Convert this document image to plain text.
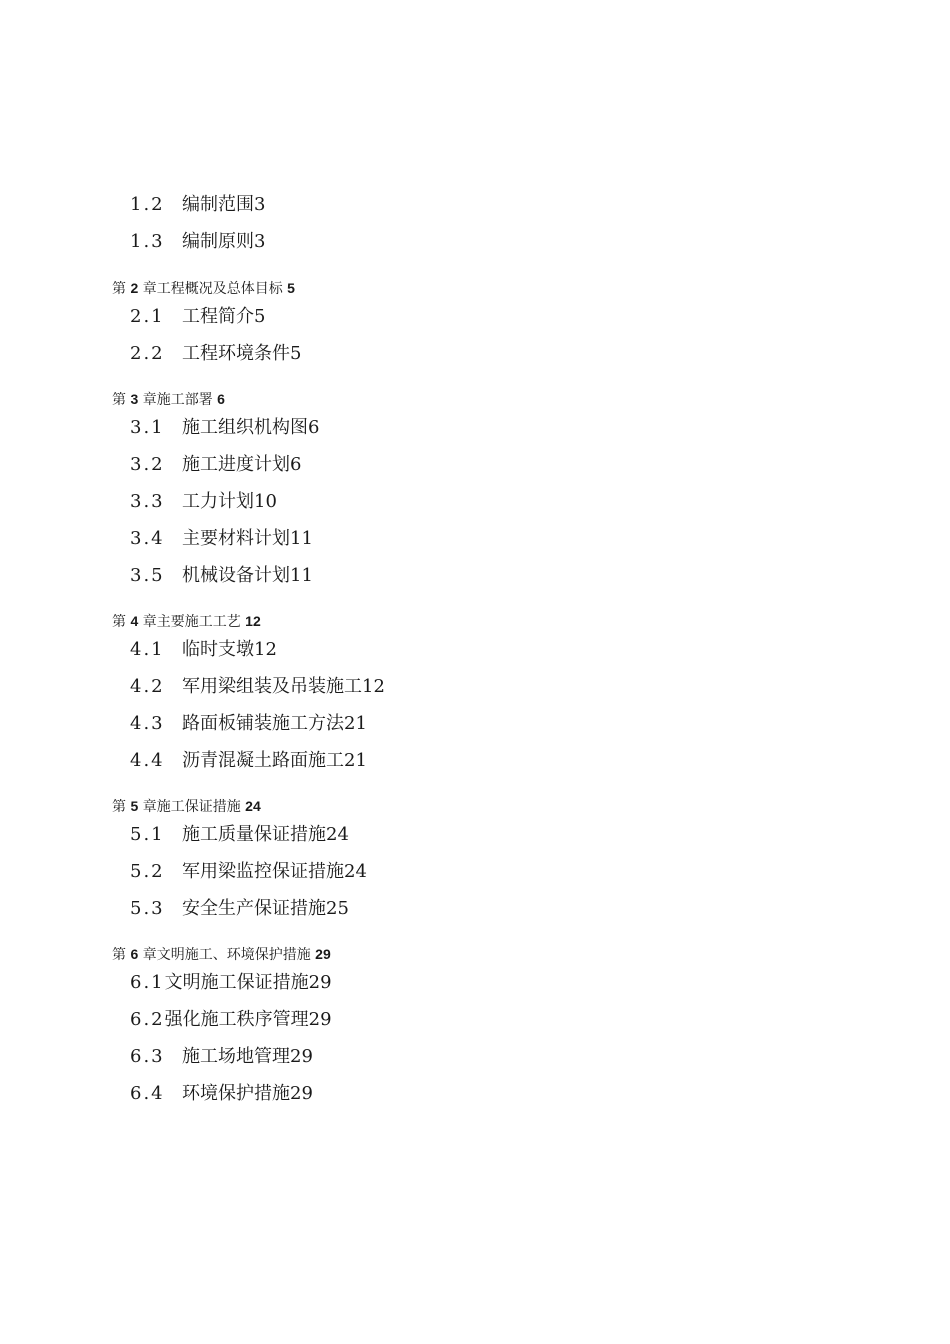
1.2 编制范围3
1.3 编制原则3
第 2 章工程概况及总体目标 5
2.1 工程简介5
2.2 工程环境条件5
第 3 章施工部署 6
3.1 施工组织机构图6
3.2 施工进度计划6
3.3 工力计划10
3.4 主要材料计划11
3.5 机械设备计划11
第 4 章主要施工工艺 12
4.1 临时支墩12
4.2 军用梁组装及吊装施工12
4.3 路面板铺装施工方法21
4.4 沥青混凝土路面施工21
第 5 章施工保证措施 24
5.1 施工质量保证措施24
5.2 军用梁监控保证措施24
5.3 安全生产保证措施25
第 6 章文明施工、环境保护措施 29
6.1文明施工保证措施29
6.2强化施工秩序管理29
6.3 施工场地管理29
6.4 环境保护措施29
